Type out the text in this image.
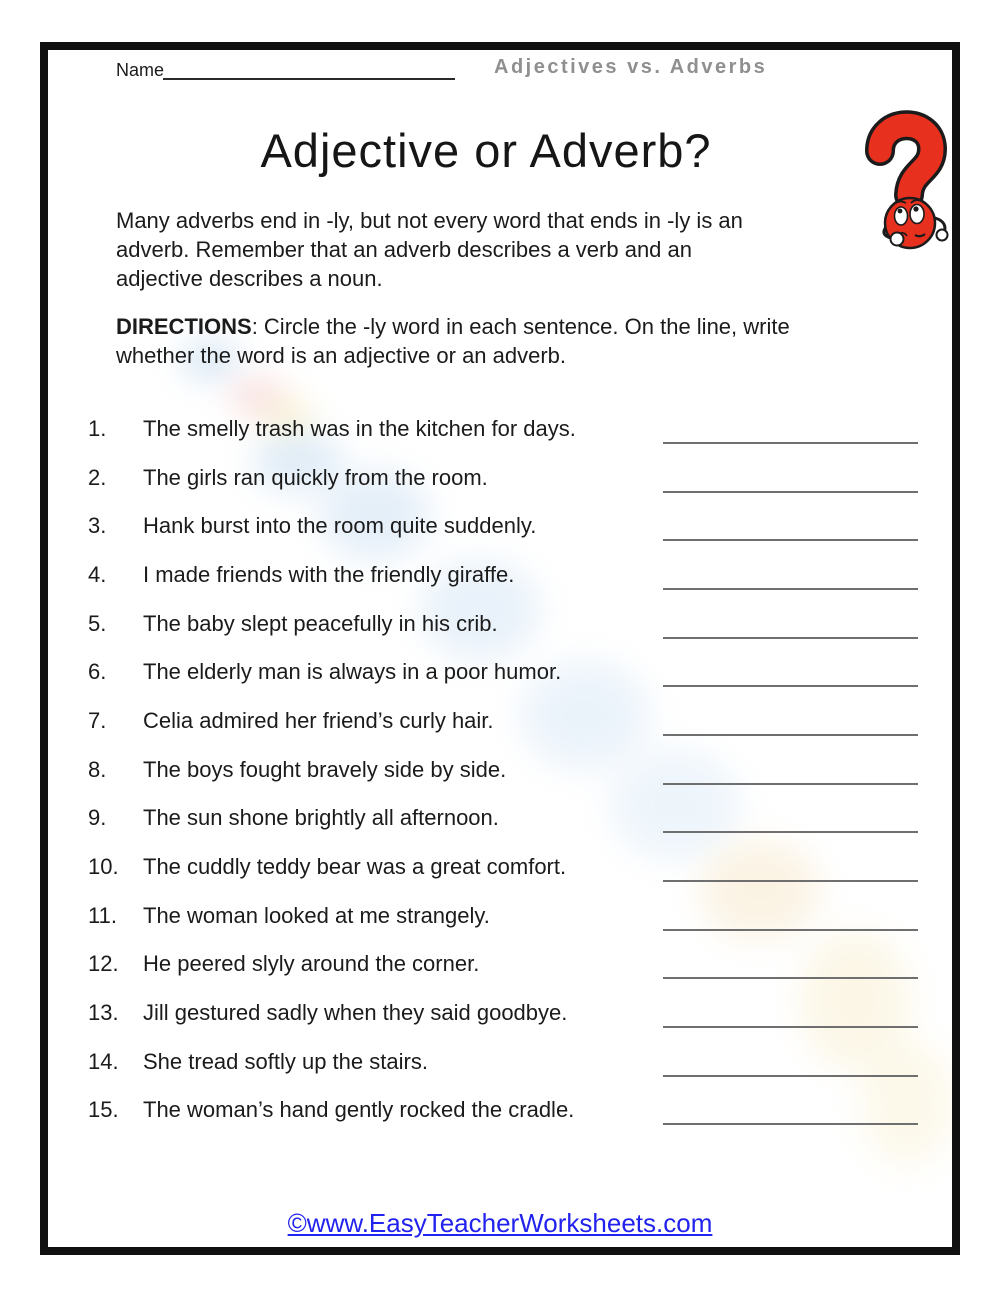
Name	Adjectives vs. Adverbs
Adjective or Adverb?
Many adverbs end in -ly, but not every word that ends in -ly is an
adverb. Remember that an adverb describes a verb and an
adjective describes a noun.
DIRECTIONS: Circle the -ly word in each sentence. On the line, write
whether the word is an adjective or an adverb.
1.	The smelly trash was in the kitchen for days.
2.	The girls ran quickly from the room.
3.	Hank burst into the room quite suddenly.
4.	I made friends with the friendly giraffe.
5.	The baby slept peacefully in his crib.
6.	The elderly man is always in a poor humor.
7.	Celia admired her friend’s curly hair.
8.	The boys fought bravely side by side.
9.	The sun shone brightly all afternoon.
10.	The cuddly teddy bear was a great comfort.
11.	The woman looked at me strangely.
12.	He peered slyly around the corner.
13.	Jill gestured sadly when they said goodbye.
14.	She tread softly up the stairs.
15.	The woman’s hand gently rocked the cradle.
©www.EasyTeacherWorksheets.com
